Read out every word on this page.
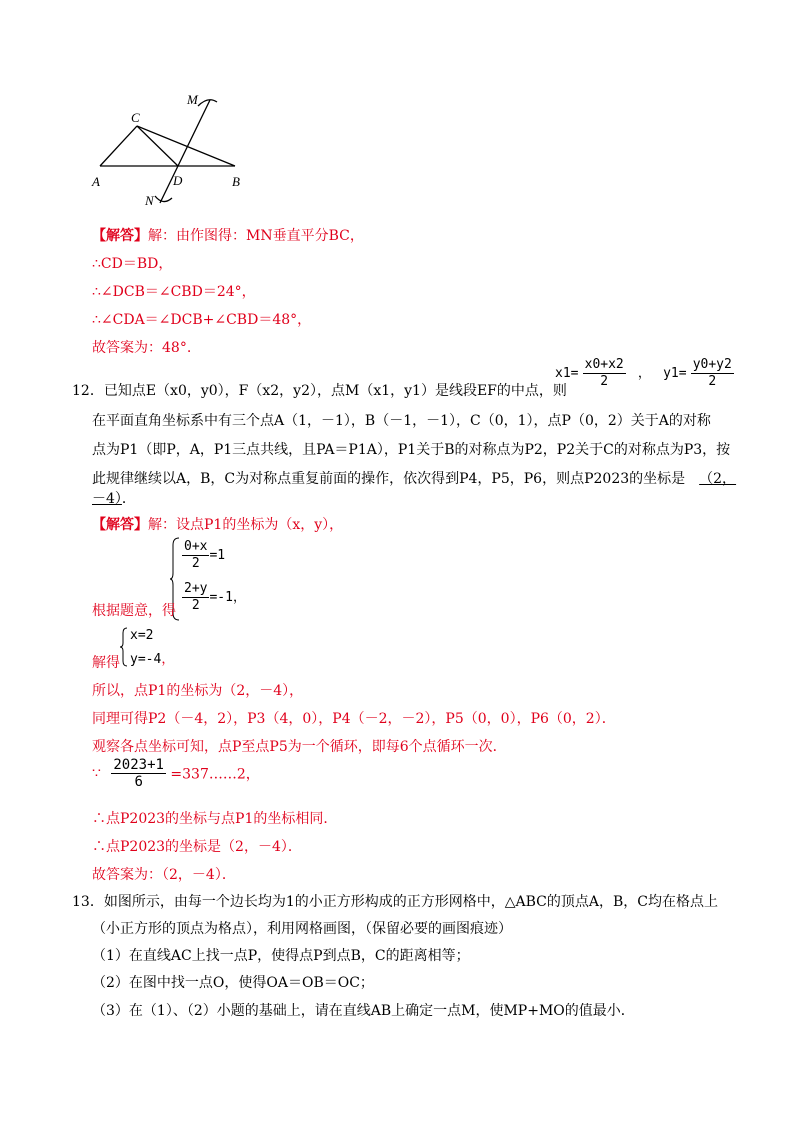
M
C
A	D	B
N
【解答】解：由作图得：MN垂直平分BC，
∴CD＝BD，
∴∠DCB＝∠CBD＝24°，
∴∠CDA＝∠DCB+∠CBD＝48°，
故答案为：48°.
12．已知点E（x0，y0），F（x2，y2），点M（x1，y1）是线段EF的中点，则
$x1= \frac{x0+x2}{2}$ ， $y1= \frac{y0+y2}{2}$
在平面直角坐标系中有三个点A（1，－1），B（－1，－1），C（0，1），点P（0，2）关于A的对称
点为P1（即P，A，P1三点共线，且PA＝P1A），P1关于B的对称点为P2，P2关于C的对称点为P3，按
此规律继续以A，B，C为对称点重复前面的操作，依次得到P4，P5，P6，则点P2023的坐标是 （2，
－4）．
【解答】解：设点P1的坐标为（x，y），
$\frac{0+x}{2} =1$
$\frac{2+y}{2} =-1$，
根据题意，得
解得
x=2
y=-4，
所以，点P1的坐标为（2，－4），
同理可得P2（－4，2），P3（4，0），P4（－2，－2），P5（0，0），P6（0，2）．
观察各点坐标可知，点P至点P5为一个循环，即每6个点循环一次．
∵ $\frac{2023+1}{6}$ =337……2，
∴点P2023的坐标与点P1的坐标相同．
∴点P2023的坐标是（2，－4）．
故答案为：（2，－4）．
13．如图所示，由每一个边长均为1的小正方形构成的正方形网格中，△ABC的顶点A，B，C均在格点上
（小正方形的顶点为格点），利用网格画图，（保留必要的画图痕迹）
（1）在直线AC上找一点P，使得点P到点B，C的距离相等；
（2）在图中找一点O，使得OA＝OB＝OC；
（3）在（1）、（2）小题的基础上，请在直线AB上确定一点M，使MP+MO的值最小．
